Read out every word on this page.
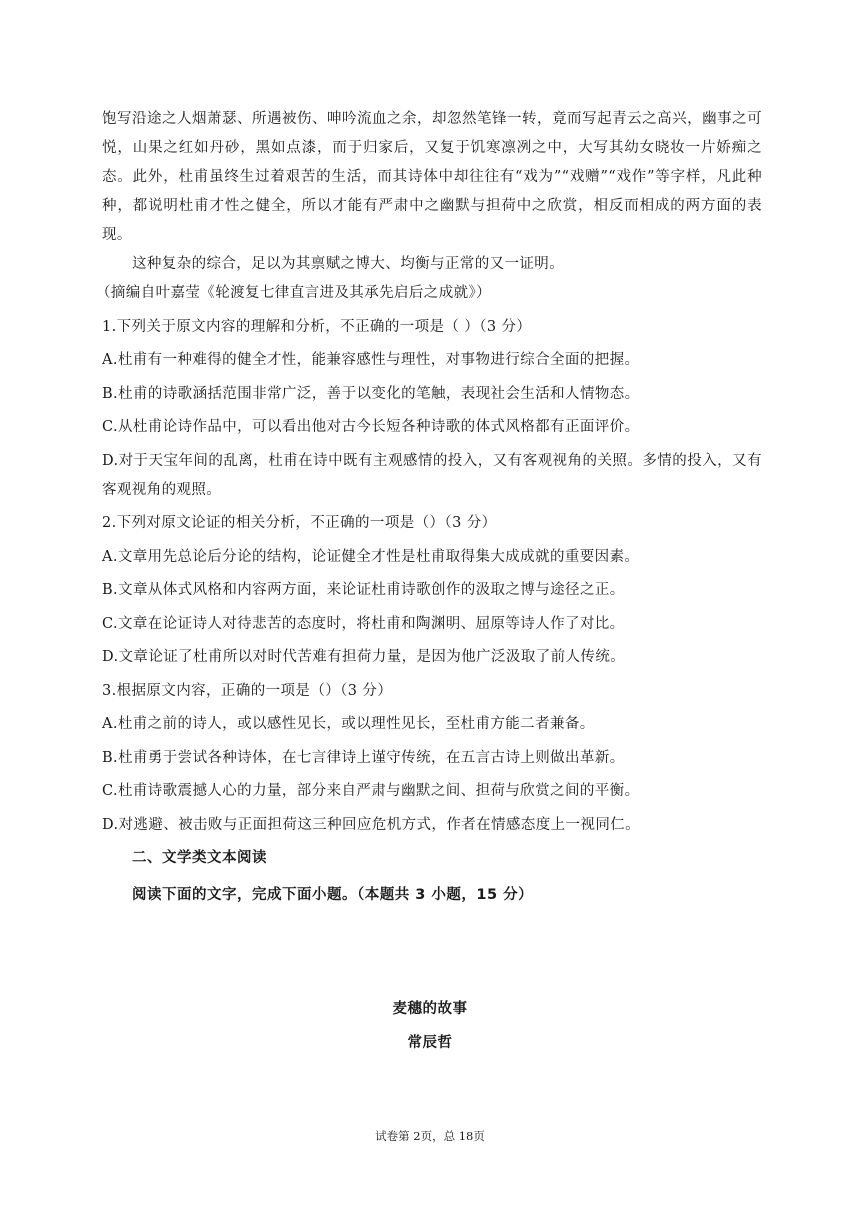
饱写沿途之人烟萧瑟、所遇被伤、呻吟流血之余，却忽然笔锋一转，竟而写起青云之高兴，幽事之可悦，山果之红如丹砂，黑如点漆，而于归家后，又复于饥寒凛冽之中，大写其幼女晓妆一片娇痴之态。此外，杜甫虽终生过着艰苦的生活，而其诗体中却往往有“戏为”“戏赠”“戏作”等字样，凡此种种，都说明杜甫才性之健全，所以才能有严肃中之幽默与担荷中之欣赏，相反而相成的两方面的表现。

这种复杂的综合，足以为其禀赋之博大、均衡与正常的又一证明。

（摘编自叶嘉莹《轮渡复七律直言进及其承先启后之成就》）

1.下列关于原文内容的理解和分析，不正确的一项是（ ）（3 分）

A.杜甫有一种难得的健全才性，能兼容感性与理性，对事物进行综合全面的把握。

B.杜甫的诗歌涵括范围非常广泛，善于以变化的笔触，表现社会生活和人情物态。

C.从杜甫论诗作品中，可以看出他对古今长短各种诗歌的体式风格都有正面评价。

D.对于天宝年间的乱离，杜甫在诗中既有主观感情的投入，又有客观视角的关照。多情的投入，又有客观视角的观照。

2.下列对原文论证的相关分析，不正确的一项是（）（3 分）

A.文章用先总论后分论的结构，论证健全才性是杜甫取得集大成成就的重要因素。

B.文章从体式风格和内容两方面，来论证杜甫诗歌创作的汲取之博与途径之正。

C.文章在论证诗人对待悲苦的态度时，将杜甫和陶渊明、屈原等诗人作了对比。

D.文章论证了杜甫所以对时代苦难有担荷力量，是因为他广泛汲取了前人传统。

3.根据原文内容，正确的一项是（）（3 分）

A.杜甫之前的诗人，或以感性见长，或以理性见长，至杜甫方能二者兼备。

B.杜甫勇于尝试各种诗体，在七言律诗上谨守传统，在五言古诗上则做出革新。

C.杜甫诗歌震撼人心的力量，部分来自严肃与幽默之间、担荷与欣赏之间的平衡。

D.对逃避、被击败与正面担荷这三种回应危机方式，作者在情感态度上一视同仁。

二、文学类文本阅读

阅读下面的文字，完成下面小题。（本题共 3 小题，15 分）

麦穗的故事
常辰哲
试卷第 2页，总 18页
